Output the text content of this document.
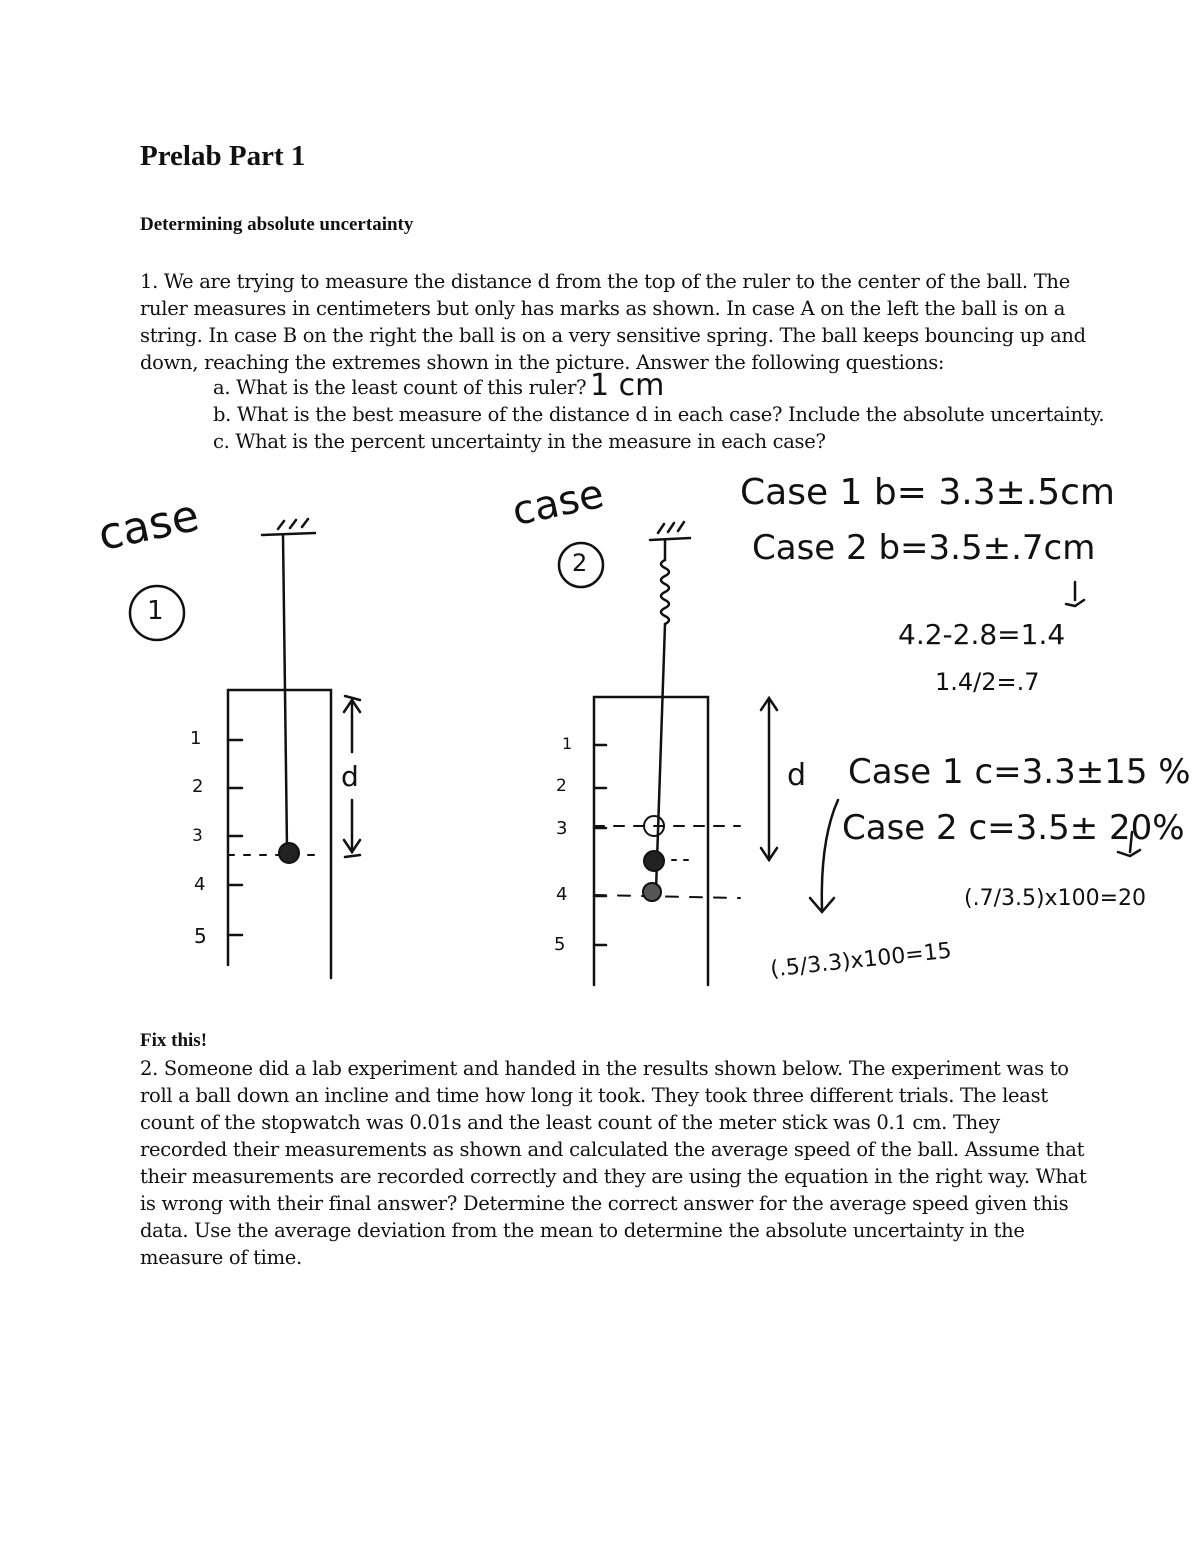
Prelab Part 1
Determining absolute uncertainty
1. We are trying to measure the distance d from the top of the ruler to the center of the ball. The ruler measures in centimeters but only has marks as shown. In case A on the left the ball is on a string. In case B on the right the ball is on a very sensitive spring. The ball keeps bouncing up and down, reaching the extremes shown in the picture. Answer the following questions:
a. What is the least count of this ruler?
b. What is the best measure of the distance d in each case? Include the absolute uncertainty.
c. What is the percent uncertainty in the measure in each case?
1 cm
case	case	Case 1 b= 3.3±.5cm
Case 2 b=3.5±.7cm
4.2-2.8=1.4
1.4/2=.7
Case 1 c=3.3±15 %
Case 2 c=3.5± 20%
(.7/3.5)x100=20
(.5/3.3)x100=15
1
2
3
4
5
1
2
3
4
5
d	d
1
2
Fix this!
2. Someone did a lab experiment and handed in the results shown below. The experiment was to roll a ball down an incline and time how long it took. They took three different trials. The least count of the stopwatch was 0.01s and the least count of the meter stick was 0.1 cm. They recorded their measurements as shown and calculated the average speed of the ball. Assume that their measurements are recorded correctly and they are using the equation in the right way. What is wrong with their final answer? Determine the correct answer for the average speed given this data. Use the average deviation from the mean to determine the absolute uncertainty in the measure of time.
